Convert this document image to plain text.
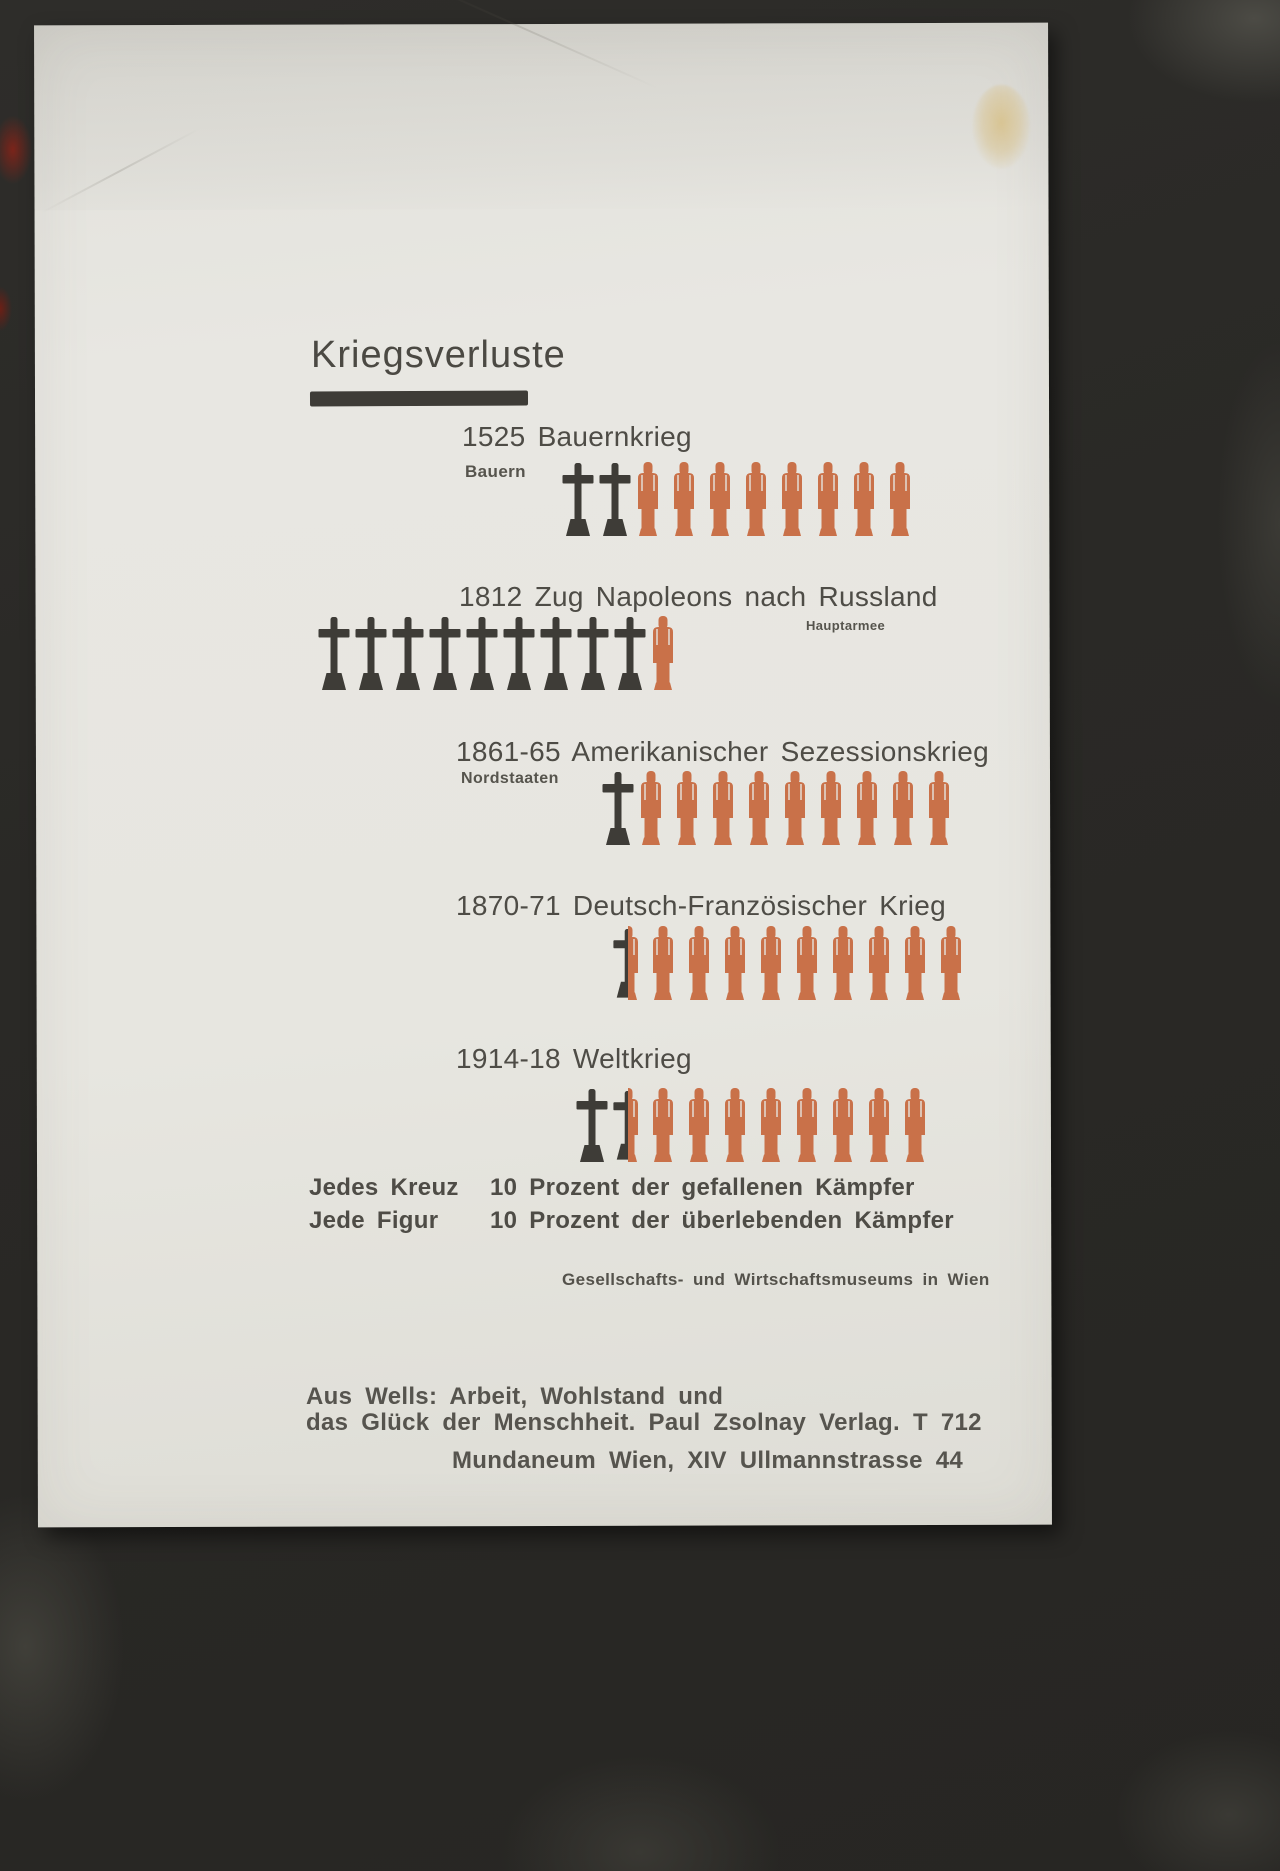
Kriegsverluste
1525 Bauernkrieg
Bauern
1812 Zug Napoleons nach Russland
Hauptarmee
1861-65 Amerikanischer Sezessionskrieg
Nordstaaten
1870-71 Deutsch-Französischer Krieg
1914-18 Weltkrieg
Jedes Kreuz 10 Prozent der gefallenen Kämpfer
Jede Figur 10 Prozent der überlebenden Kämpfer
Gesellschafts- und Wirtschaftsmuseums in Wien
Aus Wells: Arbeit, Wohlstand und
das Glück der Menschheit. Paul Zsolnay Verlag. T 712
Mundaneum Wien, XIV Ullmannstrasse 44
